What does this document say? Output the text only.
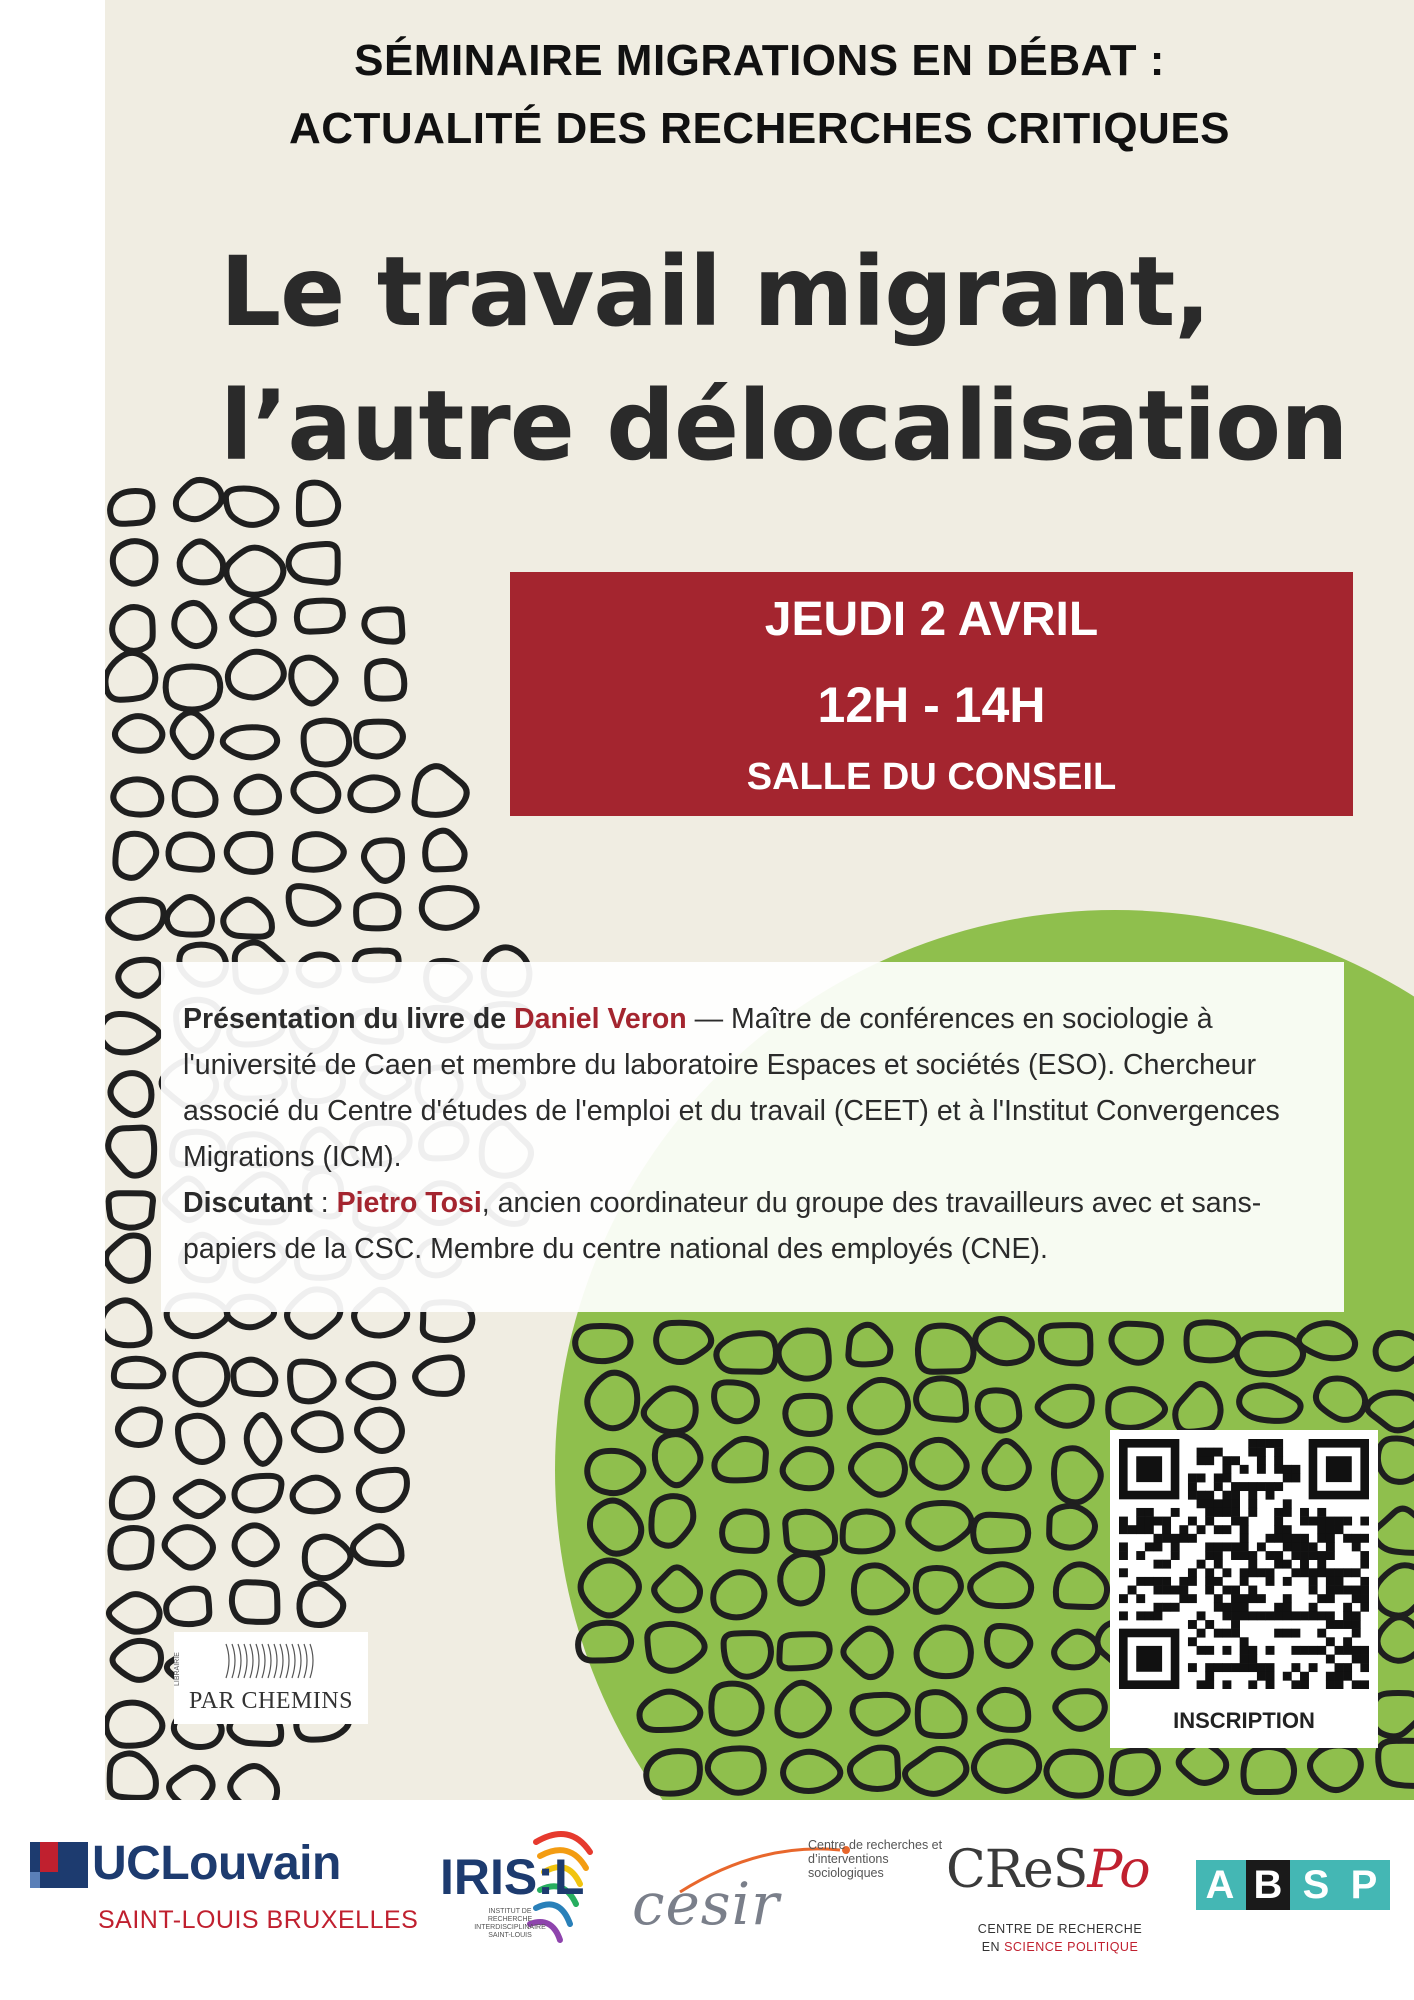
SÉMINAIRE MIGRATIONS EN DÉBAT :
ACTUALITÉ DES RECHERCHES CRITIQUES
Le travail migrant,
l’autre délocalisation
JEUDI 2 AVRIL
12H - 14H
SALLE DU CONSEIL
Présentation du livre de Daniel Veron — Maître de conférences en sociologie à l'université de Caen et membre du laboratoire Espaces et sociétés (ESO). Chercheur associé du Centre d'études de l'emploi et du travail (CEET) et à l'Institut Convergences Migrations (ICM).
Discutant : Pietro Tosi, ancien coordinateur du groupe des travailleurs avec et sans-papiers de la CSC. Membre du centre national des employés (CNE).
LIBRAIRIE
PAR CHEMINS
INSCRIPTION
UCLouvain
SAINT-LOUIS BRUXELLES
IRIS:L
INSTITUT DE RECHERCHE INTERDISCIPLINAIRE SAINT-LOUIS	cesir
Centre de recherches et d’interventions sociologiques	CReSPo
CENTRE DE RECHERCHE
EN SCIENCE POLITIQUE
A B S P
